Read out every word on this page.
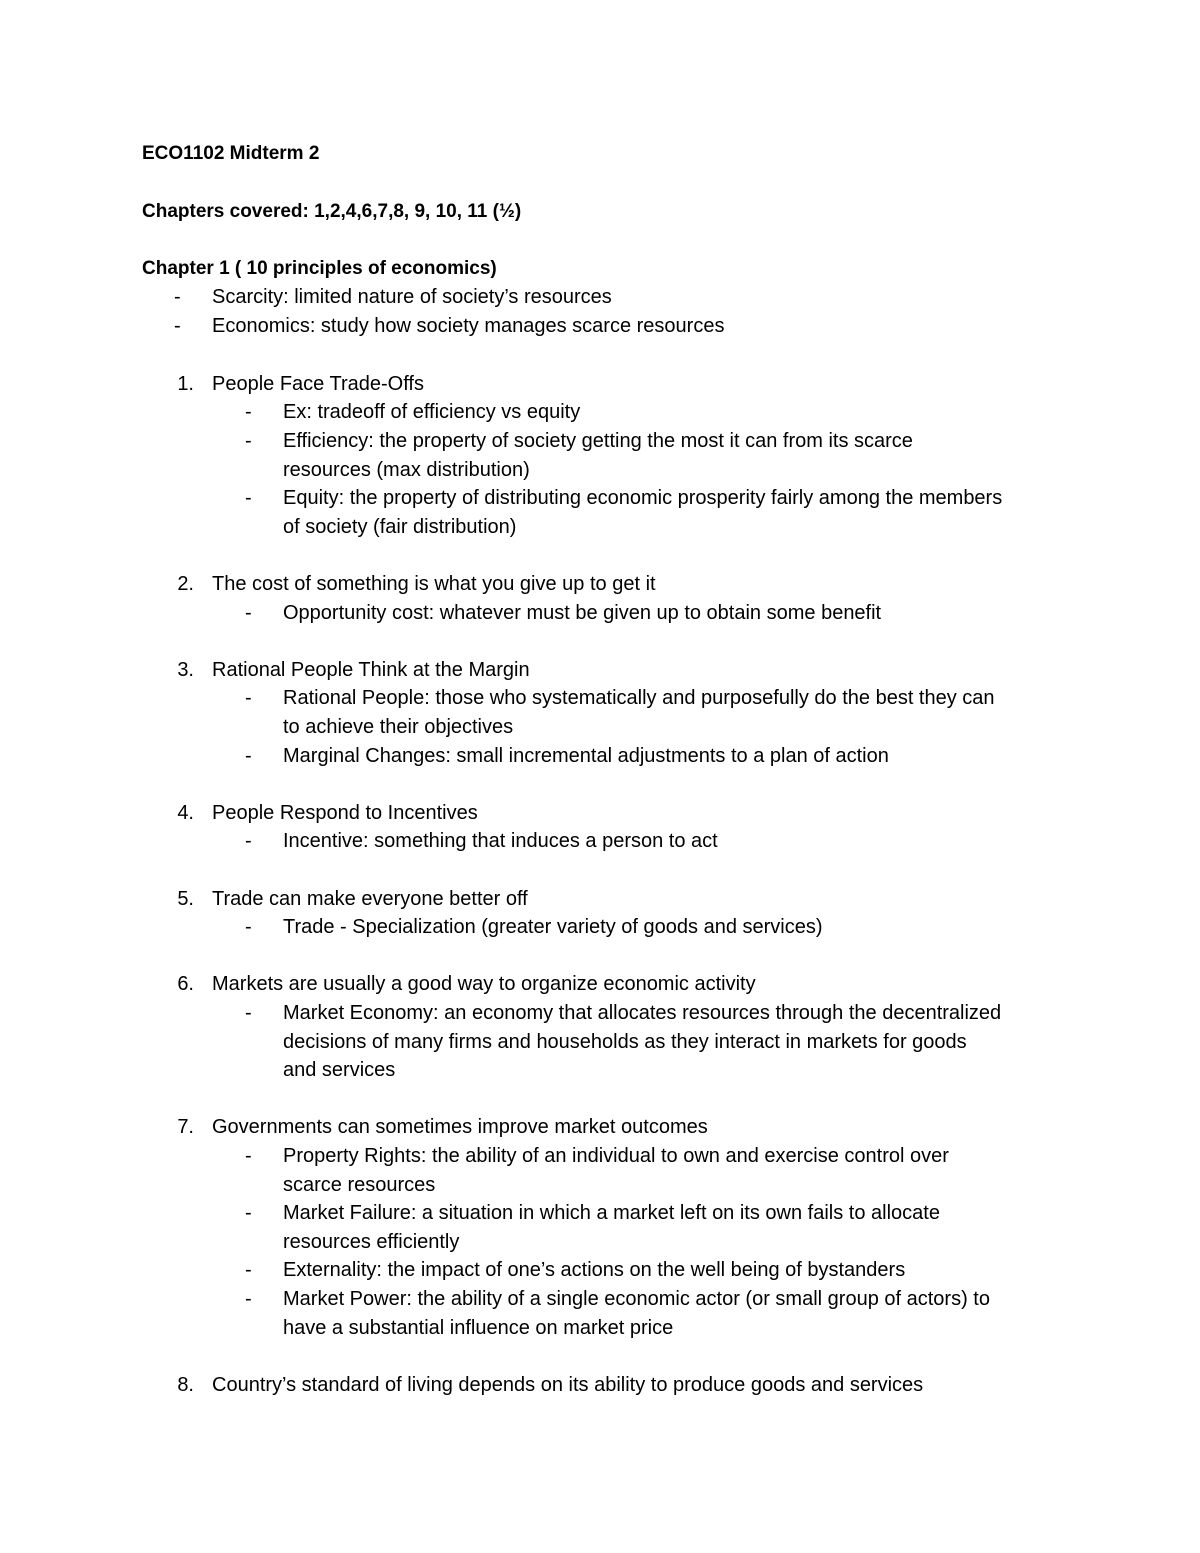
ECO1102 Midterm 2
Chapters covered: 1,2,4,6,7,8, 9, 10, 11 (½)
Chapter 1 ( 10 principles of economics)
- Scarcity: limited nature of society’s resources
- Economics: study how society manages scarce resources
1. People Face Trade-Offs
- Ex: tradeoff of efficiency vs equity
- Efficiency: the property of society getting the most it can from its scarce
resources (max distribution)
- Equity: the property of distributing economic prosperity fairly among the members
of society (fair distribution)
2. The cost of something is what you give up to get it
- Opportunity cost: whatever must be given up to obtain some benefit
3. Rational People Think at the Margin
- Rational People: those who systematically and purposefully do the best they can
to achieve their objectives
- Marginal Changes: small incremental adjustments to a plan of action
4. People Respond to Incentives
- Incentive: something that induces a person to act
5. Trade can make everyone better off
- Trade - Specialization (greater variety of goods and services)
6. Markets are usually a good way to organize economic activity
- Market Economy: an economy that allocates resources through the decentralized
decisions of many firms and households as they interact in markets for goods
and services
7. Governments can sometimes improve market outcomes
- Property Rights: the ability of an individual to own and exercise control over
scarce resources
- Market Failure: a situation in which a market left on its own fails to allocate
resources efficiently
- Externality: the impact of one’s actions on the well being of bystanders
- Market Power: the ability of a single economic actor (or small group of actors) to
have a substantial influence on market price
8. Country’s standard of living depends on its ability to produce goods and services
